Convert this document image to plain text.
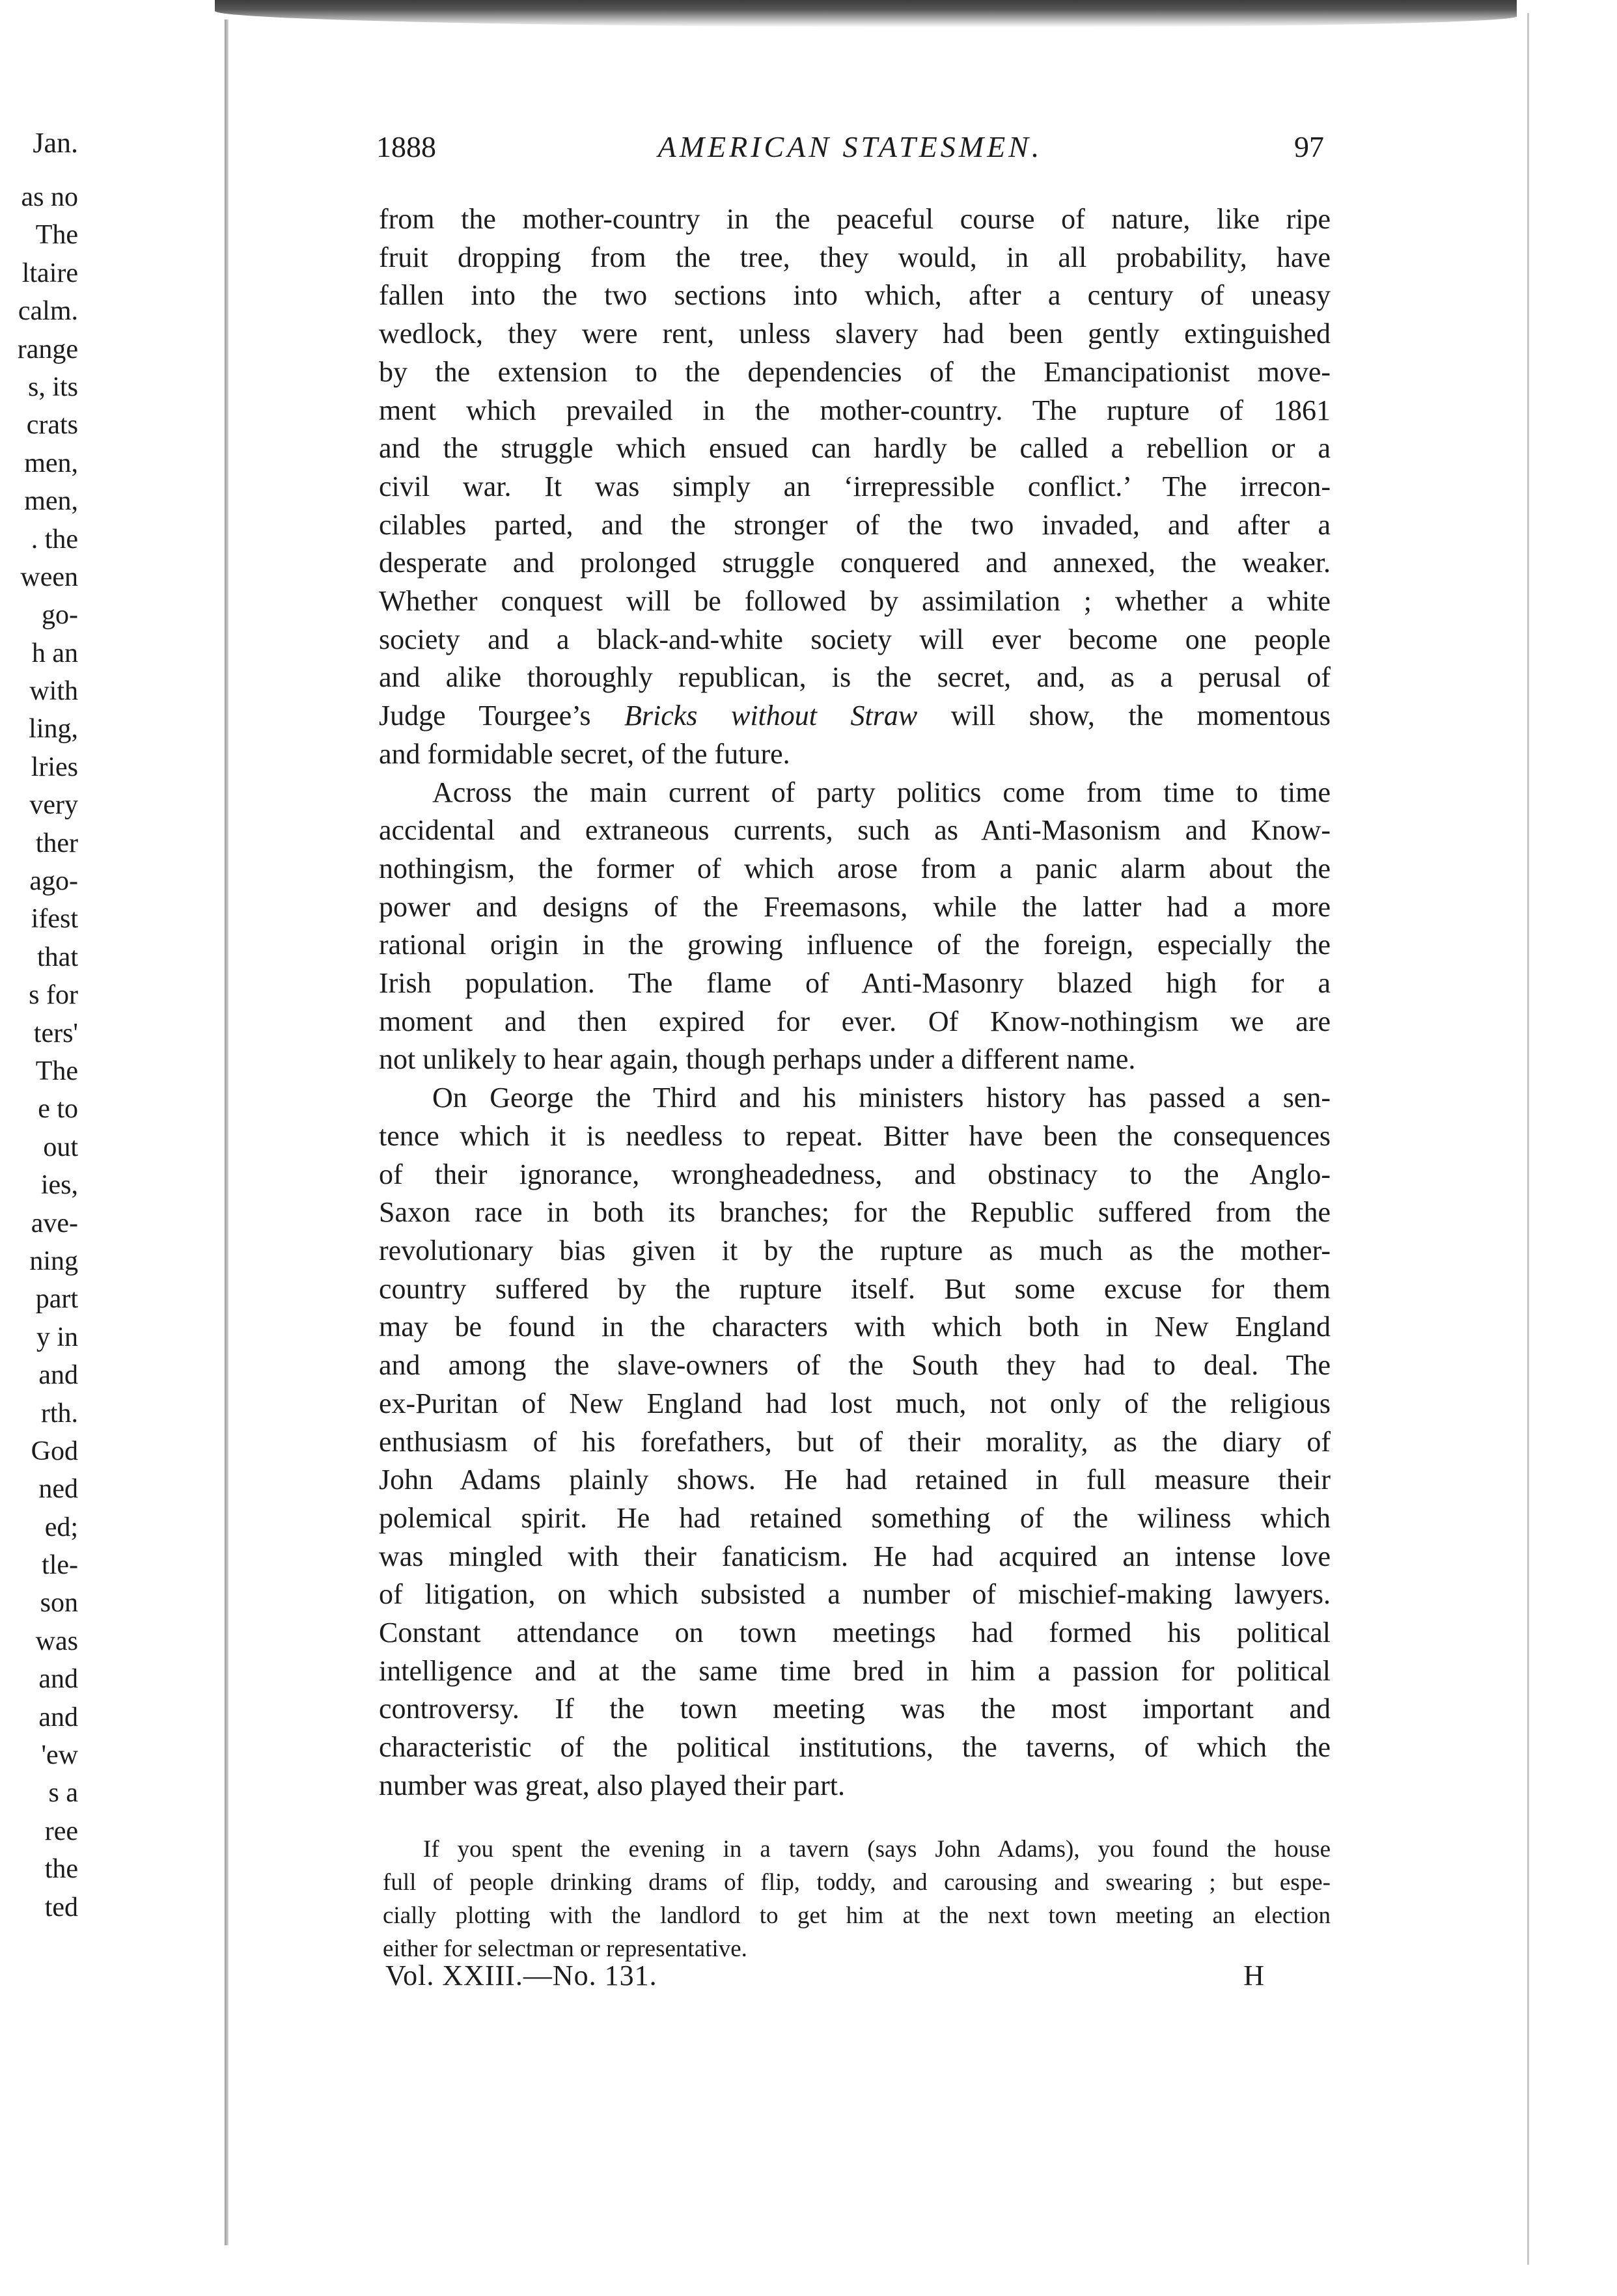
Jan.
as no
The
ltaire
calm.
range
s, its
crats
men,
men,
. the
ween
go-
h an
with
ling,
lries
very
ther
ago-
ifest
that
s for
ters'
The
e to
out
ies,
ave-
ning
part
y in
and
rth.
God
ned
ed;
tle-
son
was
and
and
'ew
s a
ree
the
ted
1888	AMERICAN STATESMEN.	97

from the mother-country in the peaceful course of nature, like ripe
fruit dropping from the tree, they would, in all probability, have
fallen into the two sections into which, after a century of uneasy
wedlock, they were rent, unless slavery had been gently extinguished
by the extension to the dependencies of the Emancipationist move-
ment which prevailed in the mother-country. The rupture of 1861
and the struggle which ensued can hardly be called a rebellion or a
civil war. It was simply an ‘irrepressible conflict.’ The irrecon-
cilables parted, and the stronger of the two invaded, and after a
desperate and prolonged struggle conquered and annexed, the weaker.
Whether conquest will be followed by assimilation ; whether a white
society and a black-and-white society will ever become one people
and alike thoroughly republican, is the secret, and, as a perusal of
Judge Tourgee’s Bricks without Straw will show, the momentous
and formidable secret, of the future.

Across the main current of party politics come from time to time
accidental and extraneous currents, such as Anti-Masonism and Know-
nothingism, the former of which arose from a panic alarm about the
power and designs of the Freemasons, while the latter had a more
rational origin in the growing influence of the foreign, especially the
Irish population. The flame of Anti-Masonry blazed high for a
moment and then expired for ever. Of Know-nothingism we are
not unlikely to hear again, though perhaps under a different name.

On George the Third and his ministers history has passed a sen-
tence which it is needless to repeat. Bitter have been the consequences
of their ignorance, wrongheadedness, and obstinacy to the Anglo-
Saxon race in both its branches; for the Republic suffered from the
revolutionary bias given it by the rupture as much as the mother-
country suffered by the rupture itself. But some excuse for them
may be found in the characters with which both in New England
and among the slave-owners of the South they had to deal. The
ex-Puritan of New England had lost much, not only of the religious
enthusiasm of his forefathers, but of their morality, as the diary of
John Adams plainly shows. He had retained in full measure their
polemical spirit. He had retained something of the wiliness which
was mingled with their fanaticism. He had acquired an intense love
of litigation, on which subsisted a number of mischief-making lawyers.
Constant attendance on town meetings had formed his political
intelligence and at the same time bred in him a passion for political
controversy. If the town meeting was the most important and
characteristic of the political institutions, the taverns, of which the
number was great, also played their part.

If you spent the evening in a tavern (says John Adams), you found the house
full of people drinking drams of flip, toddy, and carousing and swearing ; but espe-
cially plotting with the landlord to get him at the next town meeting an election
either for selectman or representative.
Vol. XXIII.—No. 131.	H
